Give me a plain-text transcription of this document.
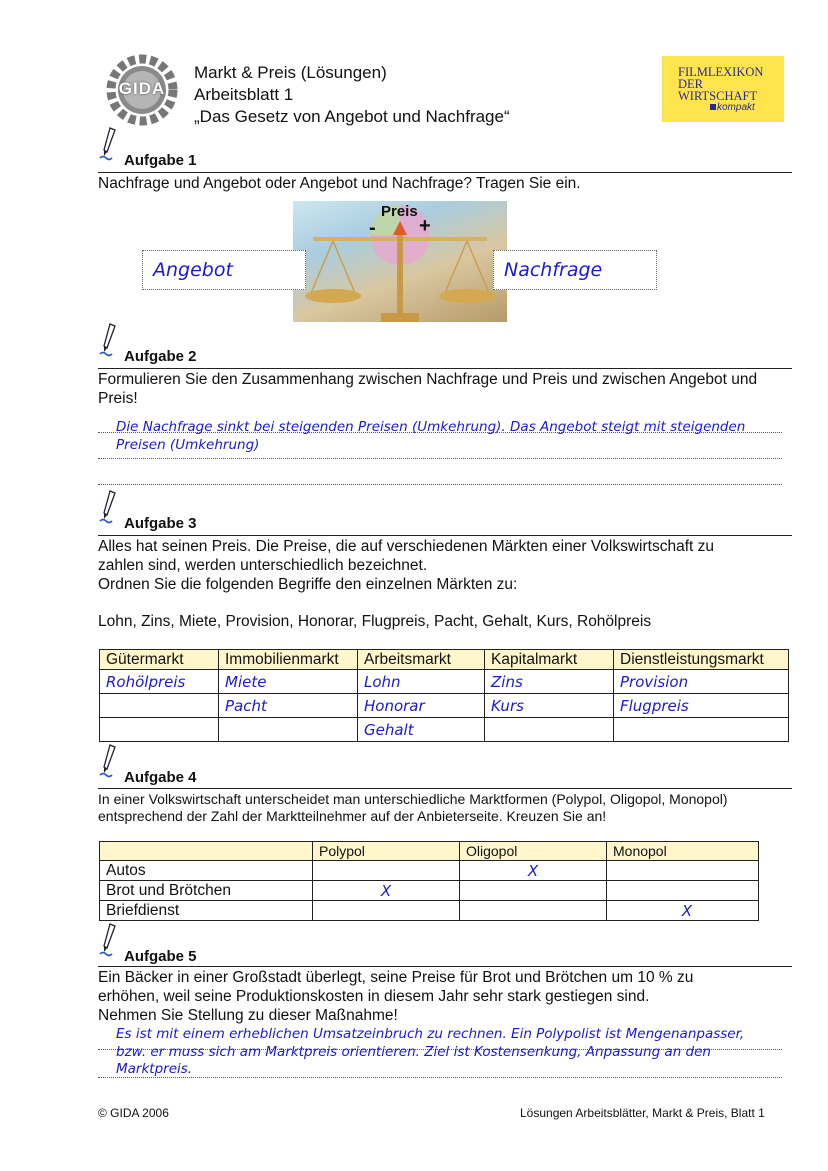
GIDA
Markt & Preis (Lösungen)
Arbeitsblatt 1
„Das Gesetz von Angebot und Nachfrage“
FILMLEXIKON
DER
WIRTSCHAFT
kompakt
Aufgabe 1
Nachfrage und Angebot oder Angebot und Nachfrage? Tragen Sie ein.
Preis
- +
Angebot	Nachfrage
Aufgabe 2
Formulieren Sie den Zusammenhang zwischen Nachfrage und Preis und zwischen Angebot und Preis!
Die Nachfrage sinkt bei steigenden Preisen (Umkehrung). Das Angebot steigt mit steigenden
Preisen (Umkehrung)
Aufgabe 3
Alles hat seinen Preis. Die Preise, die auf verschiedenen Märkten einer Volkswirtschaft zu
zahlen sind, werden unterschiedlich bezeichnet.
Ordnen Sie die folgenden Begriffe den einzelnen Märkten zu:
Lohn, Zins, Miete, Provision, Honorar, Flugpreis, Pacht, Gehalt, Kurs, Rohölpreis
Gütermarkt	Immobilienmarkt	Arbeitsmarkt	Kapitalmarkt	Dienstleistungsmarkt
Rohölpreis	Miete	Lohn	Zins	Provision
	Pacht	Honorar	Kurs	Flugpreis
		Gehalt		
Aufgabe 4
In einer Volkswirtschaft unterscheidet man unterschiedliche Marktformen (Polypol, Oligopol, Monopol)
entsprechend der Zahl der Marktteilnehmer auf der Anbieterseite. Kreuzen Sie an!
	Polypol	Oligopol	Monopol
Autos		X	
Brot und Brötchen	X		
Briefdienst			X
Aufgabe 5
Ein Bäcker in einer Großstadt überlegt, seine Preise für Brot und Brötchen um 10 % zu
erhöhen, weil seine Produktionskosten in diesem Jahr sehr stark gestiegen sind.
Nehmen Sie Stellung zu dieser Maßnahme!
Es ist mit einem erheblichen Umsatzeinbruch zu rechnen. Ein Polypolist ist Mengenanpasser,
bzw. er muss sich am Marktpreis orientieren. Ziel ist Kostensenkung, Anpassung an den
Marktpreis.
© GIDA 2006	Lösungen Arbeitsblätter, Markt & Preis, Blatt 1
